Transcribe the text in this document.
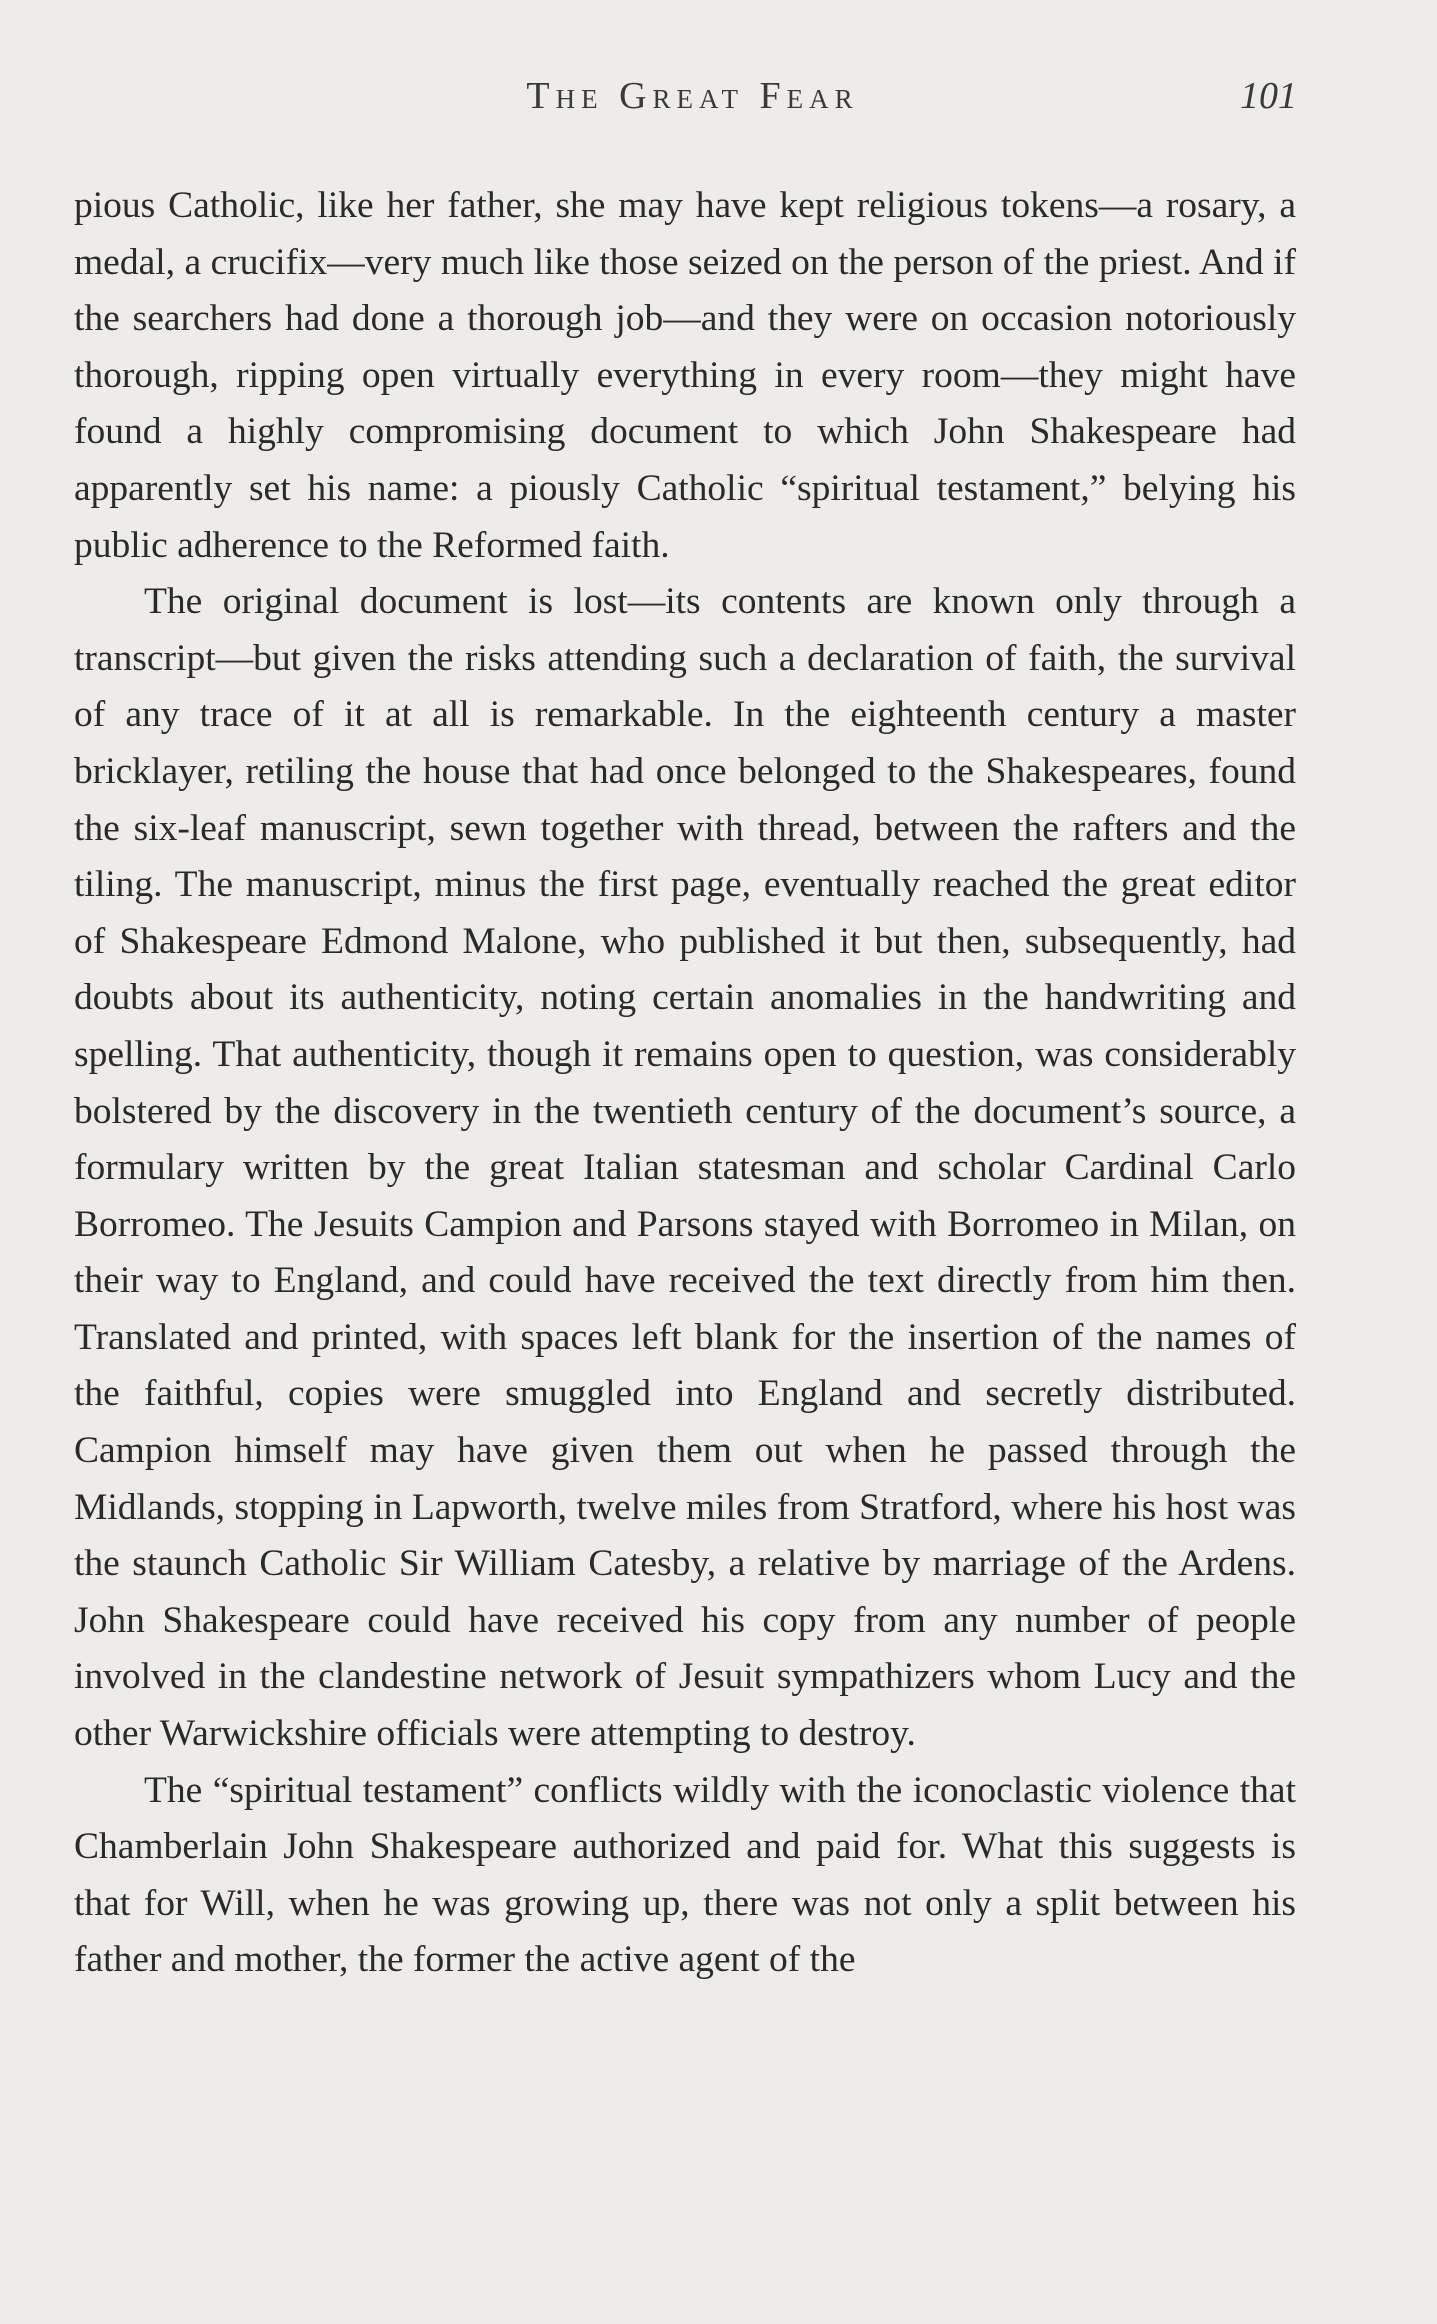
The Great Fear	101

pious Catholic, like her father, she may have kept religious tokens—a rosary, a medal, a crucifix—very much like those seized on the person of the priest. And if the searchers had done a thorough job—and they were on occasion notoriously thorough, ripping open virtually everything in every room—they might have found a highly compromising document to which John Shakespeare had apparently set his name: a piously Catholic “spiritual testament,” belying his public adherence to the Reformed faith.

The original document is lost—its contents are known only through a transcript—but given the risks attending such a declaration of faith, the survival of any trace of it at all is remarkable. In the eighteenth century a master bricklayer, retiling the house that had once belonged to the Shakespeares, found the six-leaf manuscript, sewn together with thread, between the rafters and the tiling. The manuscript, minus the first page, eventually reached the great editor of Shakespeare Edmond Malone, who published it but then, subsequently, had doubts about its authenticity, noting certain anomalies in the handwriting and spelling. That authenticity, though it remains open to question, was considerably bolstered by the discovery in the twentieth century of the document’s source, a formulary written by the great Italian statesman and scholar Cardinal Carlo Borromeo. The Jesuits Campion and Parsons stayed with Borromeo in Milan, on their way to England, and could have received the text directly from him then. Translated and printed, with spaces left blank for the insertion of the names of the faithful, copies were smuggled into England and secretly distributed. Campion himself may have given them out when he passed through the Midlands, stopping in Lapworth, twelve miles from Stratford, where his host was the staunch Catholic Sir William Catesby, a relative by marriage of the Ardens. John Shakespeare could have received his copy from any number of people involved in the clandestine network of Jesuit sympathizers whom Lucy and the other Warwickshire officials were attempting to destroy.

The “spiritual testament” conflicts wildly with the iconoclastic violence that Chamberlain John Shakespeare authorized and paid for. What this suggests is that for Will, when he was growing up, there was not only a split between his father and mother, the former the active agent of the
